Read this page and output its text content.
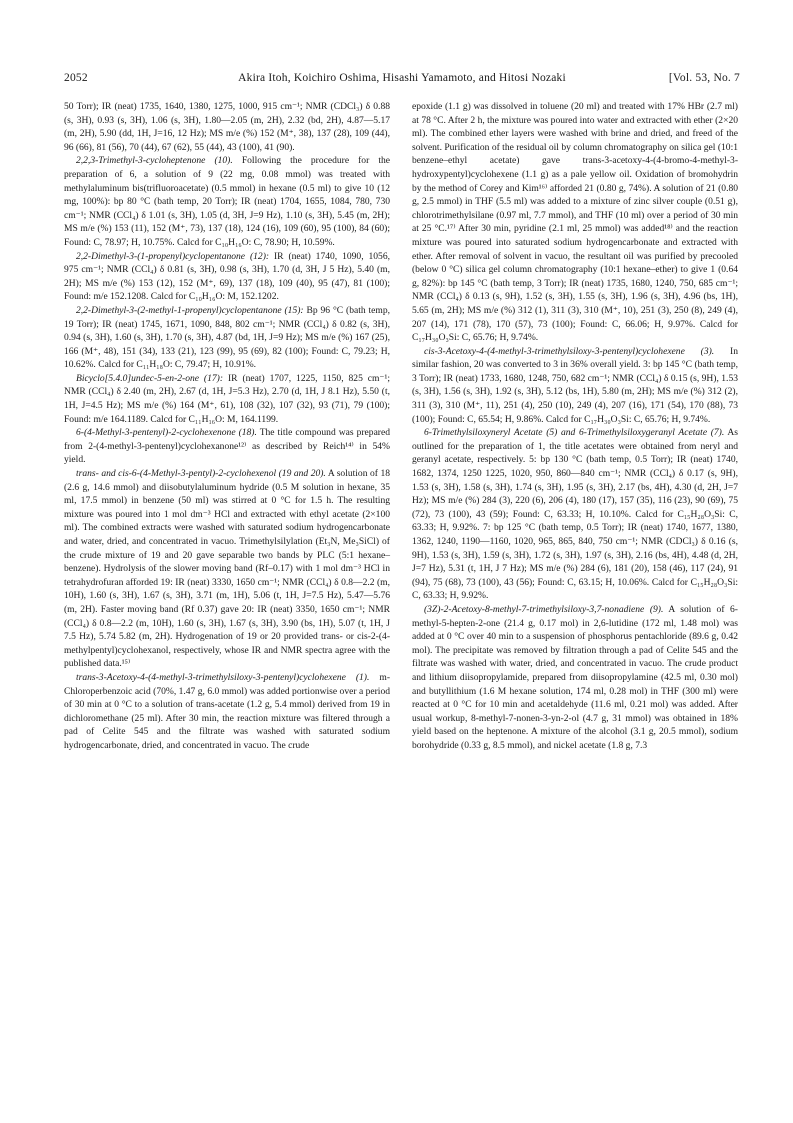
2052	Akira Itoh, Koichiro Oshima, Hisashi Yamamoto, and Hitosi Nozaki	[Vol. 53, No. 7

50 Torr); IR (neat) 1735, 1640, 1380, 1275, 1000, 915 cm⁻¹; NMR (CDCl₃) δ 0.88 (s, 3H), 0.93 (s, 3H), 1.06 (s, 3H), 1.80—2.05 (m, 2H), 2.32 (bd, 2H), 4.87—5.17 (m, 2H), 5.90 (dd, 1H, J=16, 12 Hz); MS m/e (%) 152 (M⁺, 38), 137 (28), 109 (44), 96 (66), 81 (56), 70 (44), 67 (62), 55 (44), 43 (100), 41 (90).

2,2,3-Trimethyl-3-cycloheptenone (10). Following the procedure for the preparation of 6, a solution of 9 (22 mg, 0.08 mmol) was treated with methylaluminum bis(trifluoroacetate) (0.5 mmol) in hexane (0.5 ml) to give 10 (12 mg, 100%): bp 80 °C (bath temp, 20 Torr); IR (neat) 1704, 1655, 1084, 780, 730 cm⁻¹; NMR (CCl₄) δ 1.01 (s, 3H), 1.05 (d, 3H, J=9 Hz), 1.10 (s, 3H), 5.45 (m, 2H); MS m/e (%) 153 (11), 152 (M⁺, 73), 137 (18), 124 (16), 109 (60), 95 (100), 84 (60); Found: C, 78.97; H, 10.75%. Calcd for C₁₀H₁₆O: C, 78.90; H, 10.59%.

2,2-Dimethyl-3-(1-propenyl)cyclopentanone (12): IR (neat) 1740, 1090, 1056, 975 cm⁻¹; NMR (CCl₄) δ 0.81 (s, 3H), 0.98 (s, 3H), 1.70 (d, 3H, J 5 Hz), 5.40 (m, 2H); MS m/e (%) 153 (12), 152 (M⁺, 69), 137 (18), 109 (40), 95 (47), 81 (100); Found: m/e 152.1208. Calcd for C₁₀H₁₆O: M, 152.1202.

2,2-Dimethyl-3-(2-methyl-1-propenyl)cyclopentanone (15): Bp 96 °C (bath temp, 19 Torr); IR (neat) 1745, 1671, 1090, 848, 802 cm⁻¹; NMR (CCl₄) δ 0.82 (s, 3H), 0.94 (s, 3H), 1.60 (s, 3H), 1.70 (s, 3H), 4.87 (bd, 1H, J=9 Hz); MS m/e (%) 167 (25), 166 (M⁺, 48), 151 (34), 133 (21), 123 (99), 95 (69), 82 (100); Found: C, 79.23; H, 10.62%. Calcd for C₁₁H₁₈O: C, 79.47; H, 10.91%.

Bicyclo[5.4.0]undec-5-en-2-one (17): IR (neat) 1707, 1225, 1150, 825 cm⁻¹; NMR (CCl₄) δ 2.40 (m, 2H), 2.67 (d, 1H, J=5.3 Hz), 2.70 (d, 1H, J 8.1 Hz), 5.50 (t, 1H, J=4.5 Hz); MS m/e (%) 164 (M⁺, 61), 108 (32), 107 (32), 93 (71), 79 (100); Found: m/e 164.1189. Calcd for C₁₁H₁₆O: M, 164.1199.

6-(4-Methyl-3-pentenyl)-2-cyclohexenone (18). The title compound was prepared from 2-(4-methyl-3-pentenyl)cyclohexanone¹²⁾ as described by Reich¹⁴⁾ in 54% yield.

trans- and cis-6-(4-Methyl-3-pentyl)-2-cyclohexenol (19 and 20). A solution of 18 (2.6 g, 14.6 mmol) and diisobutylaluminum hydride (0.5 M solution in hexane, 35 ml, 17.5 mmol) in benzene (50 ml) was stirred at 0 °C for 1.5 h. The resulting mixture was poured into 1 mol dm⁻³ HCl and extracted with ethyl acetate (2×100 ml). The combined extracts were washed with saturated sodium hydrogencarbonate and water, dried, and concentrated in vacuo. Trimethylsilylation (Et₃N, Me₃SiCl) of the crude mixture of 19 and 20 gave separable two bands by PLC (5:1 hexane–benzene). Hydrolysis of the slower moving band (Rf–0.17) with 1 mol dm⁻³ HCl in tetrahydrofuran afforded 19: IR (neat) 3330, 1650 cm⁻¹; NMR (CCl₄) δ 0.8—2.2 (m, 10H), 1.60 (s, 3H), 1.67 (s, 3H), 3.71 (m, 1H), 5.06 (t, 1H, J=7.5 Hz), 5.47—5.76 (m, 2H). Faster moving band (Rf 0.37) gave 20: IR (neat) 3350, 1650 cm⁻¹; NMR (CCl₄) δ 0.8—2.2 (m, 10H), 1.60 (s, 3H), 1.67 (s, 3H), 3.90 (bs, 1H), 5.07 (t, 1H, J 7.5 Hz), 5.74 5.82 (m, 2H). Hydrogenation of 19 or 20 provided trans- or cis-2-(4-methylpentyl)cyclohexanol, respectively, whose IR and NMR spectra agree with the published data.¹⁵⁾

trans-3-Acetoxy-4-(4-methyl-3-trimethylsiloxy-3-pentenyl)cyclohexene (1). m-Chloroperbenzoic acid (70%, 1.47 g, 6.0 mmol) was added portionwise over a period of 30 min at 0 °C to a solution of trans-acetate (1.2 g, 5.4 mmol) derived from 19 in dichloromethane (25 ml). After 30 min, the reaction mixture was filtered through a pad of Celite 545 and the filtrate was washed with saturated sodium hydrogencarbonate, dried, and concentrated in vacuo. The crude

epoxide (1.1 g) was dissolved in toluene (20 ml) and treated with 17% HBr (2.7 ml) at 78 °C. After 2 h, the mixture was poured into water and extracted with ether (2×20 ml). The combined ether layers were washed with brine and dried, and freed of the solvent. Purification of the residual oil by column chromatography on silica gel (10:1 benzene–ethyl acetate) gave trans-3-acetoxy-4-(4-bromo-4-methyl-3-hydroxypentyl)cyclohexene (1.1 g) as a pale yellow oil. Oxidation of bromohydrin by the method of Corey and Kim¹⁶⁾ afforded 21 (0.80 g, 74%). A solution of 21 (0.80 g, 2.5 mmol) in THF (5.5 ml) was added to a mixture of zinc silver couple (0.51 g), chlorotrimethylsilane (0.97 ml, 7.7 mmol), and THF (10 ml) over a period of 30 min at 25 °C.¹⁷⁾ After 30 min, pyridine (2.1 ml, 25 mmol) was added¹⁸⁾ and the reaction mixture was poured into saturated sodium hydrogencarbonate and extracted with ether. After removal of solvent in vacuo, the resultant oil was purified by precooled (below 0 °C) silica gel column chromatography (10:1 hexane–ether) to give 1 (0.64 g, 82%): bp 145 °C (bath temp, 3 Torr); IR (neat) 1735, 1680, 1240, 750, 685 cm⁻¹; NMR (CCl₄) δ 0.13 (s, 9H), 1.52 (s, 3H), 1.55 (s, 3H), 1.96 (s, 3H), 4.96 (bs, 1H), 5.65 (m, 2H); MS m/e (%) 312 (1), 311 (3), 310 (M⁺, 10), 251 (3), 250 (8), 249 (4), 207 (14), 171 (78), 170 (57), 73 (100); Found: C, 66.06; H, 9.97%. Calcd for C₁₇H₃₀O₃Si: C, 65.76; H, 9.74%.

cis-3-Acetoxy-4-(4-methyl-3-trimethylsiloxy-3-pentenyl)cyclohexene (3). In similar fashion, 20 was converted to 3 in 36% overall yield. 3: bp 145 °C (bath temp, 3 Torr); IR (neat) 1733, 1680, 1248, 750, 682 cm⁻¹; NMR (CCl₄) δ 0.15 (s, 9H), 1.53 (s, 3H), 1.56 (s, 3H), 1.92 (s, 3H), 5.12 (bs, 1H), 5.80 (m, 2H); MS m/e (%) 312 (2), 311 (3), 310 (M⁺, 11), 251 (4), 250 (10), 249 (4), 207 (16), 171 (54), 170 (88), 73 (100); Found: C, 65.54; H, 9.86%. Calcd for C₁₇H₃₀O₃Si: C, 65.76; H, 9.74%.

6-Trimethylsiloxyneryl Acetate (5) and 6-Trimethylsiloxygeranyl Acetate (7). As outlined for the preparation of 1, the title acetates were obtained from neryl and geranyl acetate, respectively. 5: bp 130 °C (bath temp, 0.5 Torr); IR (neat) 1740, 1682, 1374, 1250 1225, 1020, 950, 860—840 cm⁻¹; NMR (CCl₄) δ 0.17 (s, 9H), 1.53 (s, 3H), 1.58 (s, 3H), 1.74 (s, 3H), 1.95 (s, 3H), 2.17 (bs, 4H), 4.30 (d, 2H, J=7 Hz); MS m/e (%) 284 (3), 220 (6), 206 (4), 180 (17), 157 (35), 116 (23), 90 (69), 75 (72), 73 (100), 43 (59); Found: C, 63.33; H, 10.10%. Calcd for C₁₅H₂₈O₃Si: C, 63.33; H, 9.92%. 7: bp 125 °C (bath temp, 0.5 Torr); IR (neat) 1740, 1677, 1380, 1362, 1240, 1190—1160, 1020, 965, 865, 840, 750 cm⁻¹; NMR (CDCl₃) δ 0.16 (s, 9H), 1.53 (s, 3H), 1.59 (s, 3H), 1.72 (s, 3H), 1.97 (s, 3H), 2.16 (bs, 4H), 4.48 (d, 2H, J=7 Hz), 5.31 (t, 1H, J 7 Hz); MS m/e (%) 284 (6), 181 (20), 158 (46), 117 (24), 91 (94), 75 (68), 73 (100), 43 (56); Found: C, 63.15; H, 10.06%. Calcd for C₁₅H₂₈O₃Si: C, 63.33; H, 9.92%.

(3Z)-2-Acetoxy-8-methyl-7-trimethylsiloxy-3,7-nonadiene (9). A solution of 6-methyl-5-hepten-2-one (21.4 g, 0.17 mol) in 2,6-lutidine (172 ml, 1.48 mol) was added at 0 °C over 40 min to a suspension of phosphorus pentachloride (89.6 g, 0.42 mol). The precipitate was removed by filtration through a pad of Celite 545 and the filtrate was washed with water, dried, and concentrated in vacuo. The crude product and lithium diisopropylamide, prepared from diisopropylamine (42.5 ml, 0.30 mol) and butyllithium (1.6 M hexane solution, 174 ml, 0.28 mol) in THF (300 ml) were reacted at 0 °C for 10 min and acetaldehyde (11.6 ml, 0.21 mol) was added. After usual workup, 8-methyl-7-nonen-3-yn-2-ol (4.7 g, 31 mmol) was obtained in 18% yield based on the heptenone. A mixture of the alcohol (3.1 g, 20.5 mmol), sodium borohydride (0.33 g, 8.5 mmol), and nickel acetate (1.8 g, 7.3
